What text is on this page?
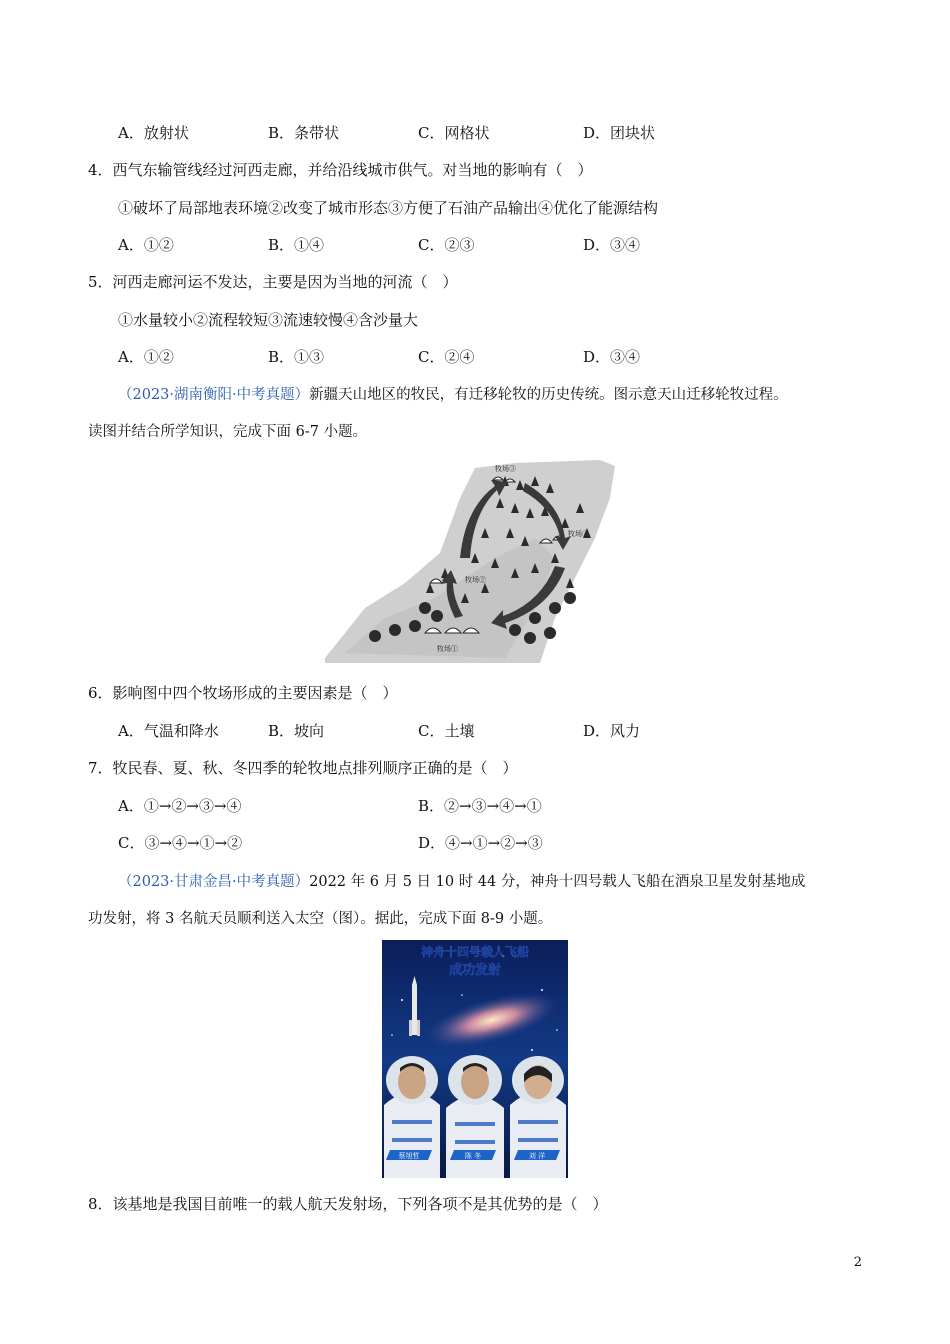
A．放射状	B．条带状	C．网格状	D．团块状
4．西气东输管线经过河西走廊，并给沿线城市供气。对当地的影响有（　）
①破坏了局部地表环境②改变了城市形态③方便了石油产品输出④优化了能源结构
A．①②	B．①④	C．②③	D．③④
5．河西走廊河运不发达，主要是因为当地的河流（　）
①水量较小②流程较短③流速较慢④含沙量大
A．①②	B．①③	C．②④	D．③④
（2023·湖南衡阳·中考真题）新疆天山地区的牧民，有迁移轮牧的历史传统。图示意天山迁移轮牧过程。
读图并结合所学知识，完成下面 6-7 小题。
牧场③
牧场④
牧场②
牧场①
6．影响图中四个牧场形成的主要因素是（　）
A．气温和降水	B．坡向	C．土壤	D．风力
7．牧民春、夏、秋、冬四季的轮牧地点排列顺序正确的是（　）
A．①→②→③→④	B．②→③→④→①
C．③→④→①→②	D．④→①→②→③
（2023·甘肃金昌·中考真题）2022 年 6 月 5 日 10 时 44 分，神舟十四号载人飞船在酒泉卫星发射基地成
功发射，将 3 名航天员顺利送入太空（图）。据此，完成下面 8-9 小题。
神舟十四号载人飞船
成功发射
蔡旭哲	陈 冬	刘 洋
8．该基地是我国目前唯一的载人航天发射场，下列各项不是其优势的是（　）
2
